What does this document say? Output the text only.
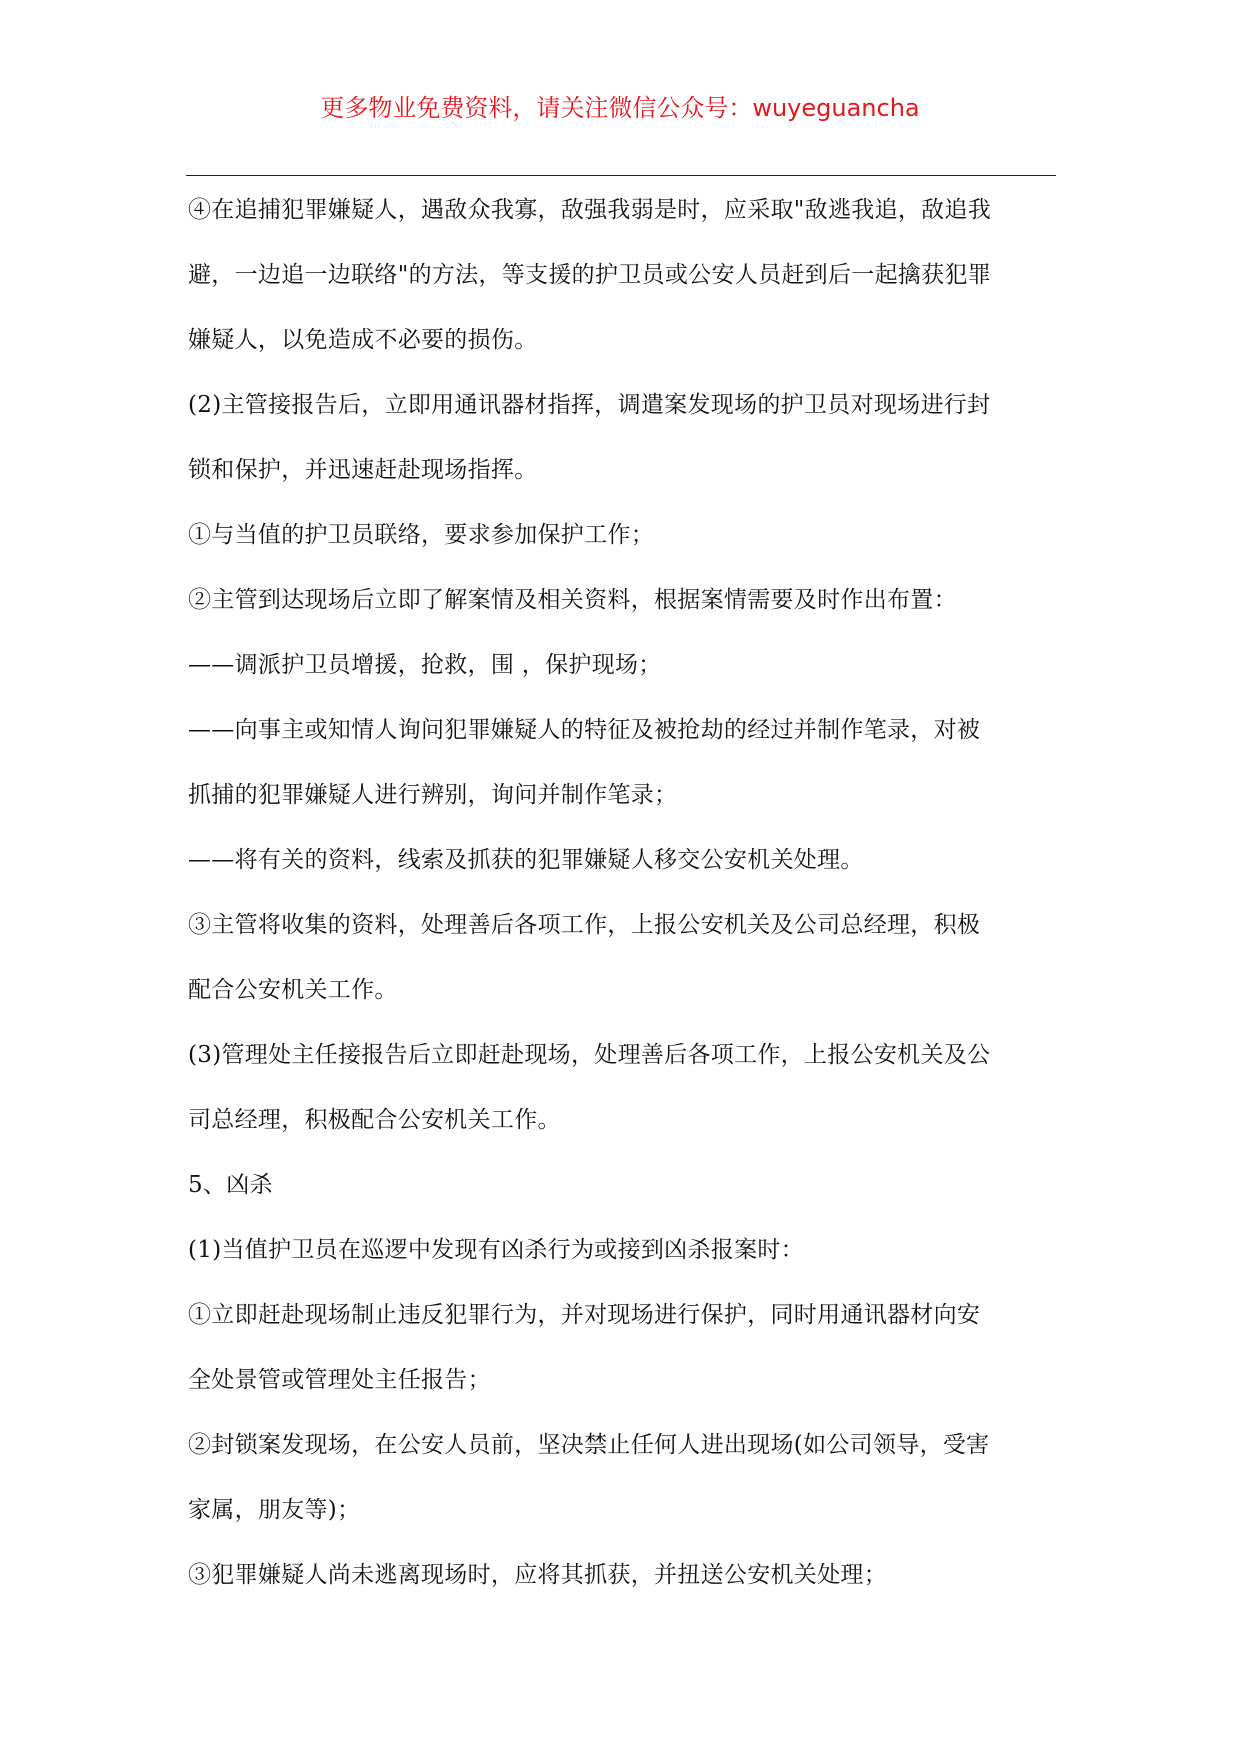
更多物业免费资料，请关注微信公众号：wuyeguancha
④在追捕犯罪嫌疑人，遇敌众我寡，敌强我弱是时，应采取"敌逃我追，敌追我
避，一边追一边联络"的方法，等支援的护卫员或公安人员赶到后一起擒获犯罪
嫌疑人，以免造成不必要的损伤。
(2)主管接报告后，立即用通讯器材指挥，调遣案发现场的护卫员对现场进行封
锁和保护，并迅速赶赴现场指挥。
①与当值的护卫员联络，要求参加保护工作；
②主管到达现场后立即了解案情及相关资料，根据案情需要及时作出布置：
——调派护卫员增援，抢救，围 ，保护现场；
——向事主或知情人询问犯罪嫌疑人的特征及被抢劫的经过并制作笔录，对被
抓捕的犯罪嫌疑人进行辨别，询问并制作笔录；
——将有关的资料，线索及抓获的犯罪嫌疑人移交公安机关处理。
③主管将收集的资料，处理善后各项工作，上报公安机关及公司总经理，积极
配合公安机关工作。
(3)管理处主任接报告后立即赶赴现场，处理善后各项工作，上报公安机关及公
司总经理，积极配合公安机关工作。
5、凶杀
(1)当值护卫员在巡逻中发现有凶杀行为或接到凶杀报案时：
①立即赶赴现场制止违反犯罪行为，并对现场进行保护，同时用通讯器材向安
全处景管或管理处主任报告；
②封锁案发现场，在公安人员前，坚决禁止任何人进出现场(如公司领导，受害
家属，朋友等)；
③犯罪嫌疑人尚未逃离现场时，应将其抓获，并扭送公安机关处理；
